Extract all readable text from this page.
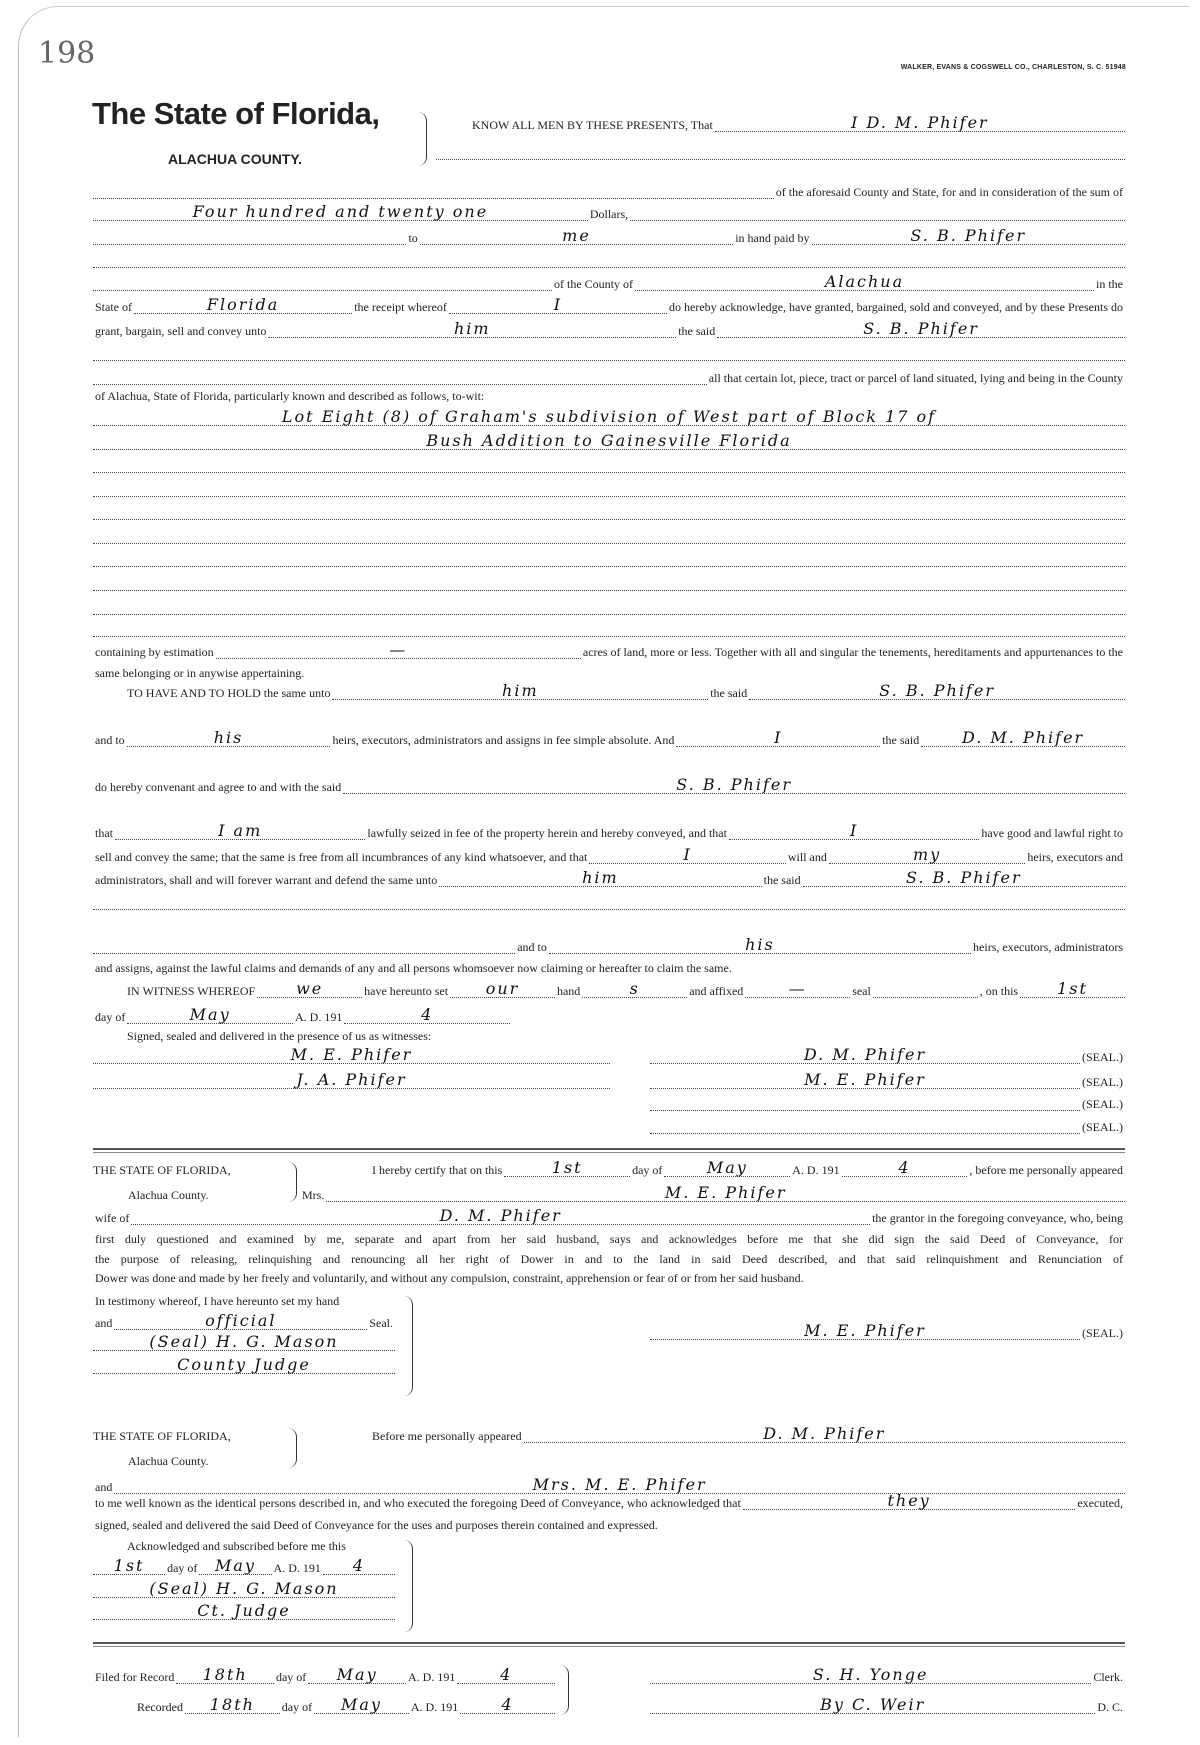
198	WALKER, EVANS & COGSWELL CO., CHARLESTON, S. C. 51948
The State of Florida,
ALACHUA COUNTY.
THE STATE OF FLORIDA,
Alachua County.
THE STATE OF FLORIDA,
Alachua County.
KNOW ALL MEN BY THESE PRESENTS, That	I D. M. Phifer
of the aforesaid County and State, for and in consideration of the sum of
Four hundred and twenty one	Dollars,
to	me	in hand paid by	S. B. Phifer
of the County of	Alachua	in the
State of	Florida	the receipt whereof	I	do hereby acknowledge, have granted, bargained, sold and conveyed, and by these Presents do
grant, bargain, sell and convey unto	him	the said	S. B. Phifer
all that certain lot, piece, tract or parcel of land situated, lying and being in the County
of Alachua, State of Florida, particularly known and described as follows, to-wit:
Lot Eight (8) of Graham's subdivision of West part of Block 17 of
Bush Addition to Gainesville Florida
containing by estimation	—	acres of land, more or less. Together with all and singular the tenements, hereditaments and appurtenances to the
same belonging or in anywise appertaining.
TO HAVE AND TO HOLD the same unto	him	the said	S. B. Phifer
and to	his	heirs, executors, administrators and assigns in fee simple absolute. And	I	the said	D. M. Phifer
do hereby convenant and agree to and with the said	S. B. Phifer
that	I am	lawfully seized in fee of the property herein and hereby conveyed, and that	I	have good and lawful right to
sell and convey the same; that the same is free from all incumbrances of any kind whatsoever, and that	I	will and	my	heirs, executors and
administrators, shall and will forever warrant and defend the same unto	him	the said	S. B. Phifer
and to	his	heirs, executors, administrators
and assigns, against the lawful claims and demands of any and all persons whomsoever now claiming or hereafter to claim the same.
IN WITNESS WHEREOF	we	have hereunto set	our	hand	s	and affixed	—	seal	, on this	1st
day of	May	A. D. 191	4
Signed, sealed and delivered in the presence of us as witnesses:
M. E. Phifer
J. A. Phifer
D. M. Phifer	(SEAL.)
M. E. Phifer	(SEAL.)
(SEAL.)
(SEAL.)
I hereby certify that on this	1st	day of	May	A. D. 191	4	, before me personally appeared
Mrs.	M. E. Phifer
wife of	D. M. Phifer	the grantor in the foregoing conveyance, who, being
first duly questioned and examined by me, separate and apart from her said husband, says and acknowledges before me that she did sign the said Deed of Conveyance, for
the purpose of releasing, relinquishing and renouncing all her right of Dower in and to the land in said Deed described, and that said relinquishment and Renunciation of
Dower was done and made by her freely and voluntarily, and without any compulsion, constraint, apprehension or fear of or from her said husband.
In testimony whereof, I have hereunto set my hand
and	official	Seal.
(Seal) H. G. Mason
County Judge
M. E. Phifer	(SEAL.)
Before me personally appeared	D. M. Phifer
and	Mrs. M. E. Phifer
to me well known as the identical persons described in, and who executed the foregoing Deed of Conveyance, who acknowledged that	they	executed,
signed, sealed and delivered the said Deed of Conveyance for the uses and purposes therein contained and expressed.
Acknowledged and subscribed before me this
1st	day of	May	A. D. 191	4
(Seal) H. G. Mason
Ct. Judge
Filed for Record	18th	day of	May	A. D. 191	4
Recorded	18th	day of	May	A. D. 191	4
S. H. Yonge	Clerk.
By C. Weir	D. C.
